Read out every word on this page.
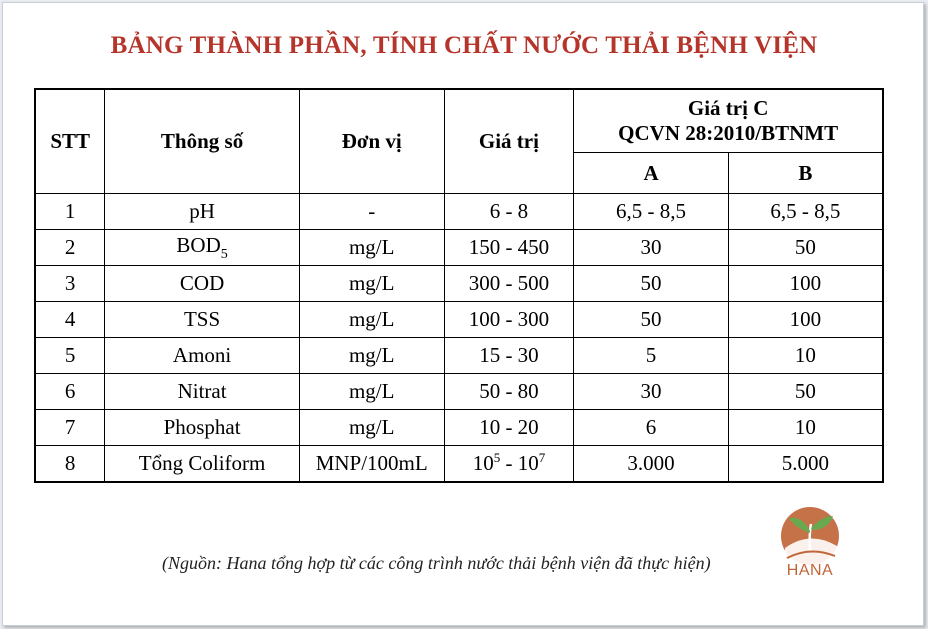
BẢNG THÀNH PHẦN, TÍNH CHẤT NƯỚC THẢI BỆNH VIỆN
STT	Thông số	Đơn vị	Giá trị	Giá trị C
QCVN 28:2010/BTNMT	

				A	B
1	pH	-	6 - 8	6,5 - 8,5	6,5 - 8,5
2	$BOD_5$	mg/L	150 - 450	30	50
3	COD	mg/L	300 - 500	50	100
4	TSS	mg/L	100 - 300	50	100
5	Amoni	mg/L	15 - 30	5	10
6	Nitrat	mg/L	50 - 80	30	50
7	Phosphat	mg/L	10 - 20	6	10
8	Tổng Coliform	MNP/100mL	$10^5 - 10^7$	3.000	5.000
(Nguồn: Hana tổng hợp từ các công trình nước thải bệnh viện đã thực hiện)	HANA
